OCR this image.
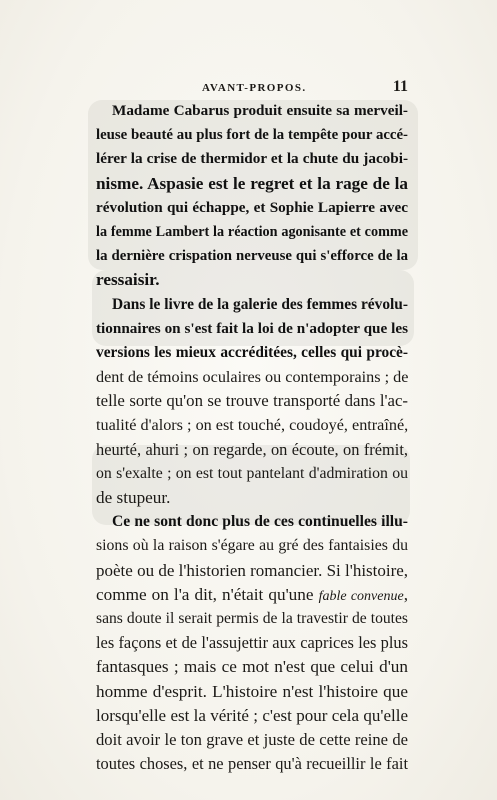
AVANT-PROPOS.	11
Madame Cabarus produit ensuite sa merveil-
leuse beauté au plus fort de la tempête pour accé-
lérer la crise de thermidor et la chute du jacobi-
nisme. Aspasie est le regret et la rage de la
révolution qui échappe, et Sophie Lapierre avec
la femme Lambert la réaction agonisante et comme
la dernière crispation nerveuse qui s'efforce de la
ressaisir.
Dans le livre de la galerie des femmes révolu-
tionnaires on s'est fait la loi de n'adopter que les
versions les mieux accréditées, celles qui procè-
dent de témoins oculaires ou contemporains ; de
telle sorte qu'on se trouve transporté dans l'ac-
tualité d'alors ; on est touché, coudoyé, entraîné,
heurté, ahuri ; on regarde, on écoute, on frémit,
on s'exalte ; on est tout pantelant d'admiration ou
de stupeur.
Ce ne sont donc plus de ces continuelles illu-
sions où la raison s'égare au gré des fantaisies du
poète ou de l'historien romancier. Si l'histoire,
comme on l'a dit, n'était qu'une fable convenue,
sans doute il serait permis de la travestir de toutes
les façons et de l'assujettir aux caprices les plus
fantasques ; mais ce mot n'est que celui d'un
homme d'esprit. L'histoire n'est l'histoire que
lorsqu'elle est la vérité ; c'est pour cela qu'elle
doit avoir le ton grave et juste de cette reine de
toutes choses, et ne penser qu'à recueillir le fait
